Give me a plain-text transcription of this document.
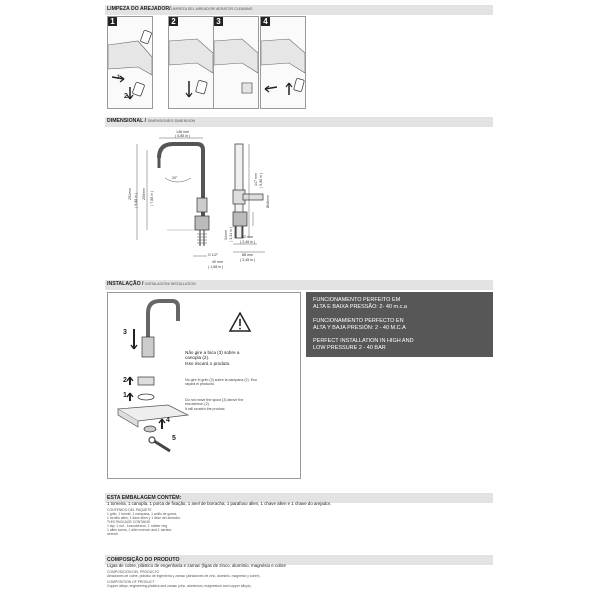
LIMPEZA DO AREJADOR/LIMPIEZA DEL AIREADOR/ AERATOR CLEANING
1
1
2
2	3	4
DIMENSIONAL / DIMENSIONES/ DIMENSION
148 mm
( 5,85 in )
20°
251mm ( 9,88 in ) 200mm ( 7,85 in )
147 mm ( 5,80 in )
Ø48mm
34mm ( 1,34 in )
G 1/2"
40 mm
( 1,58 in )
62 mm
( 2,46 in )
88 mm
( 3,45 in )
INSTALAÇÃO / INSTALACIÓN/ INSTALLATION
3
2
1
4
5
Não gire a bica (3) sobre a
canopla (2).
Isso riscará o produto.
No gire el grifo (3) sobre la campana (2). Eso
rayará el producto.
Do not move the spout (3) above the
escutcheon (2).
It will scratch the product.

FUNCIONAMENTO PERFEITO EM
ALTA E BAIXA PRESSÃO: 2- 40 m.c.a

FUNCIONAMIENTO PERFECTO EN
ALTA Y BAJA PRESIÓN: 2 - 40 M.C.A

PERFECT INSTALLATION IN HIGH AND
LOW PRESSURE 2 - 40 BAR

ESTA EMBALAGEM CONTÉM:
1 torneira, 1 canopla, 1 porca de fixação, 1 anel de borracha, 1 parafuso allen, 1 chave allen e 1 chave do arejador.
CONTENIDO DEL PAQUETE
1 grifo, 1 fuente, 1 campana, 1 anillo de goma,
1 tornillo allen, 1 llave allen y 1 llave del aireador.
THIS PACKAGE CONTAINS
1 tap, 1 nut , 1escutcheon, 1 rubber ring
1 allen screw, 1 allen wrench and 1 aerator
wrench.
COMPOSIÇÃO DO PRODUTO
Ligas de cobre, plástico de engenharia e zamac (ligas de zinco, alumínio, magnésio e cobre
COMPOSICIÓN DEL PRODUCTO
Aleaciones de cobre, plástico de ingeniería y zamac (aleaciones de zinc, aluminio, magnesio y cobre).
COMPOSITION OF PRODUCT
Copper alloys; engineering plastics and zamac (zinc, aluminium, magnesium and copper alloys).
